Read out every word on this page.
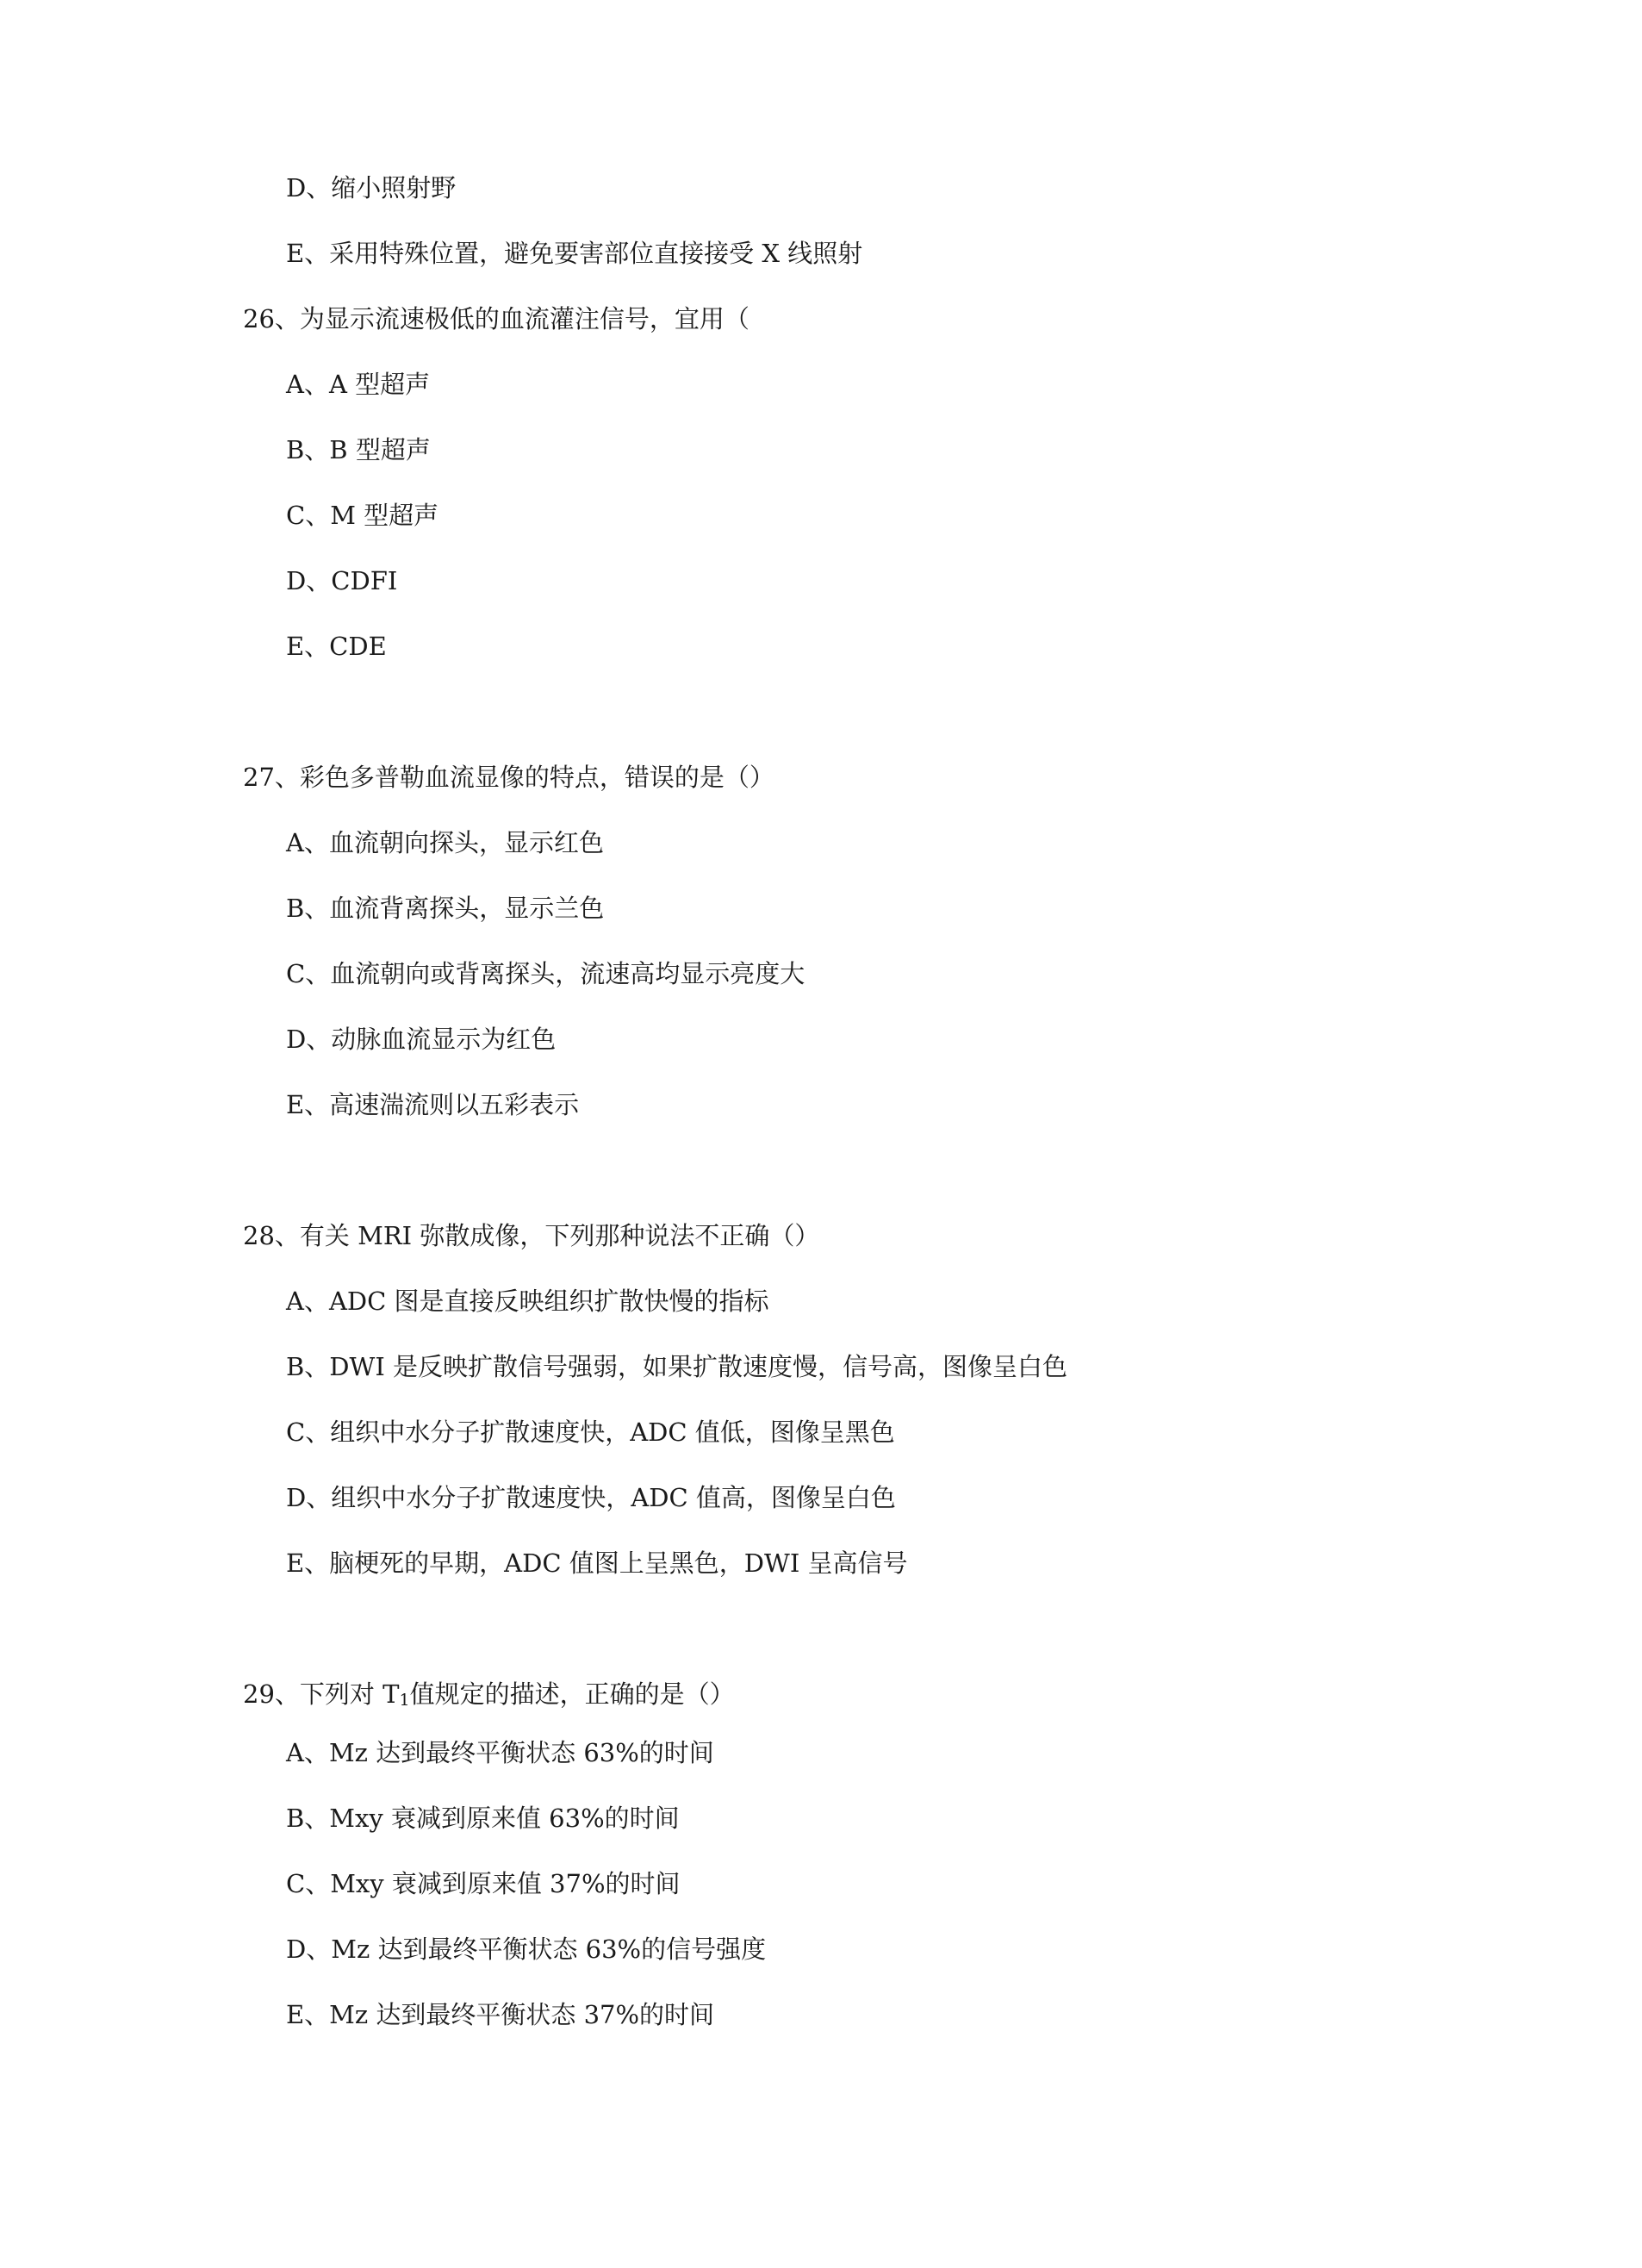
D、缩小照射野
E、采用特殊位置，避免要害部位直接接受 X 线照射
26、为显示流速极低的血流灌注信号，宜用（
A、A 型超声
B、B 型超声
C、M 型超声
D、CDFI
E、CDE
27、彩色多普勒血流显像的特点，错误的是（）
A、血流朝向探头，显示红色
B、血流背离探头，显示兰色
C、血流朝向或背离探头，流速高均显示亮度大
D、动脉血流显示为红色
E、高速湍流则以五彩表示
28、有关 MRI 弥散成像，下列那种说法不正确（）
A、ADC 图是直接反映组织扩散快慢的指标
B、DWI 是反映扩散信号强弱，如果扩散速度慢，信号高，图像呈白色
C、组织中水分子扩散速度快，ADC 值低，图像呈黑色
D、组织中水分子扩散速度快，ADC 值高，图像呈白色
E、脑梗死的早期，ADC 值图上呈黑色，DWI 呈高信号
29、下列对 $T_1$值规定的描述，正确的是（）
A、Mz 达到最终平衡状态 63%的时间
B、Mxy 衰减到原来值 63%的时间
C、Mxy 衰减到原来值 37%的时间
D、Mz 达到最终平衡状态 63%的信号强度
E、Mz 达到最终平衡状态 37%的时间
